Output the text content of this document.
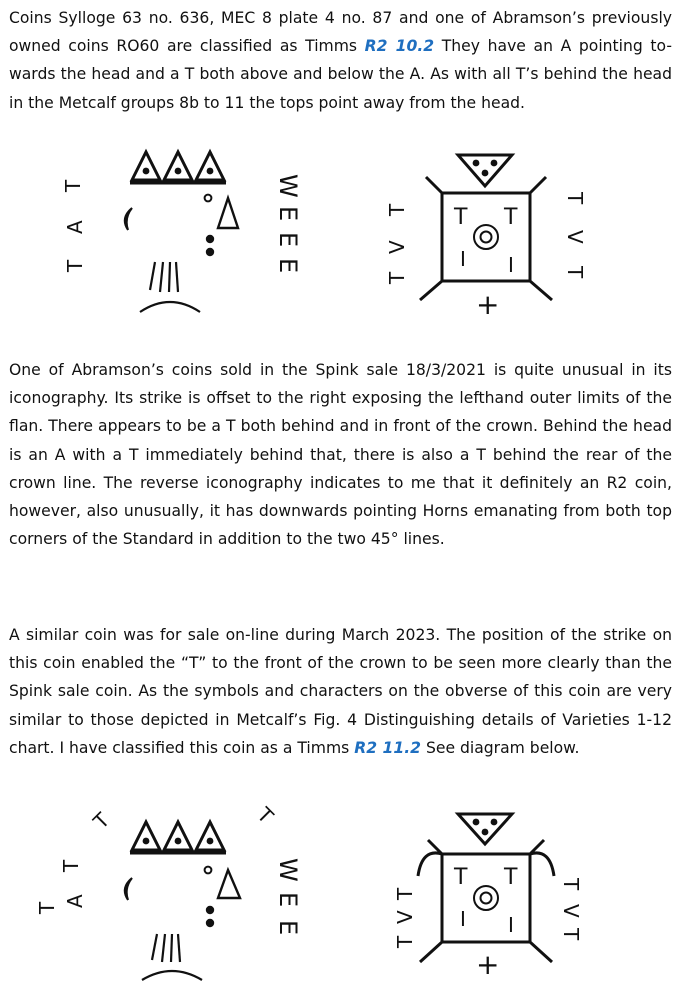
Coins Sylloge 63 no. 636, MEC 8 plate 4 no. 87 and one of Abramson’s previously owned coins RO60 are classified as Timms R2 10.2 They have an A pointing to-wards the head and a T both above and below the A. As with all T’s behind the head in the Metcalf groups 8b to 11 the tops point away from the head.

T
A
T
W
E
E
E
T T
I I
+
T
V
T
T
V
T

One of Abramson’s coins sold in the Spink sale 18/3/2021 is quite unusual in its iconography. Its strike is offset to the right exposing the lefthand outer limits of the flan. There appears to be a T both behind and in front of the crown. Behind the head is an A with a T immediately behind that, there is also a T behind the rear of the crown line. The reverse iconography indicates to me that it definitely an R2 coin, however, also unusually, it has downwards pointing Horns emanating from both top corners of the Standard in addition to the two 45° lines.

A similar coin was for sale on-line during March 2023. The position of the strike on this coin enabled the “T” to the front of the crown to be seen more clearly than the Spink sale coin. As the symbols and characters on the obverse of this coin are very similar to those depicted in Metcalf’s Fig. 4 Distinguishing details of Varieties 1-12 chart. I have classified this coin as a Timms R2 11.2 See diagram below.

T
T
A
T
T
W
E
E
T T
I I
+
T
V
T
T
V
T
